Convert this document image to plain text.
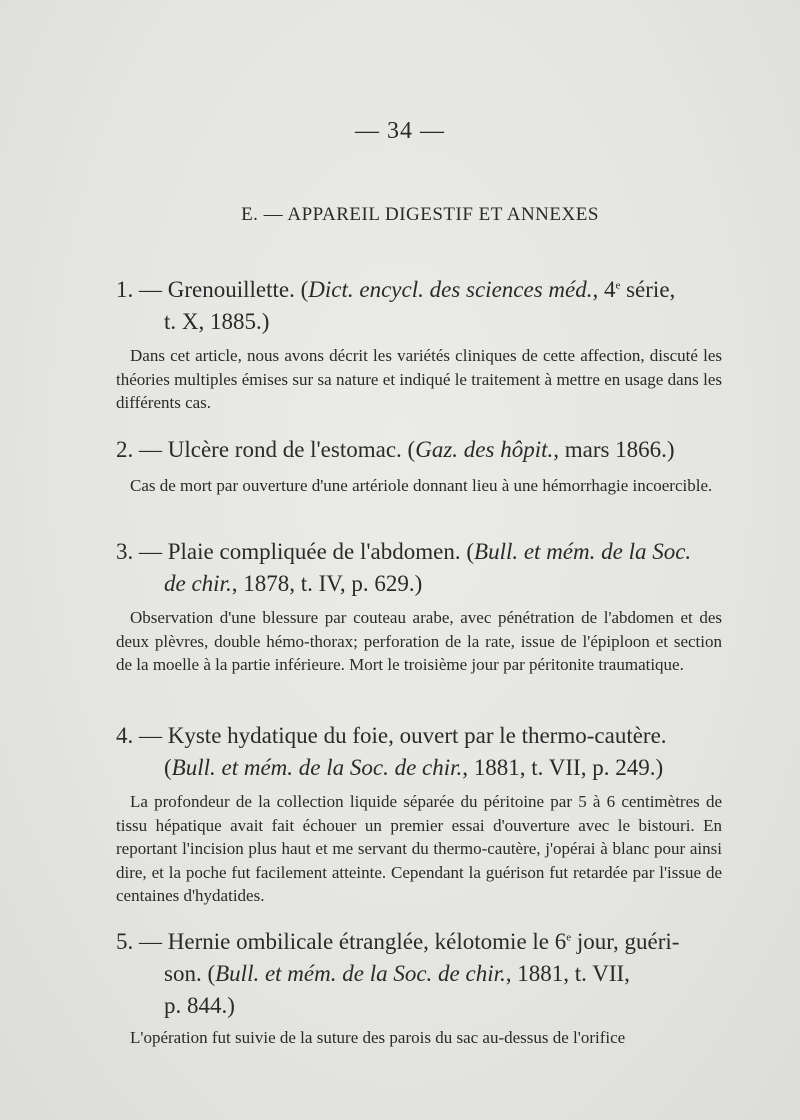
— 34 —
E. — APPAREIL DIGESTIF ET ANNEXES
1. — Grenouillette. (Dict. encycl. des sciences méd., 4e série,
t. X, 1885.)
Dans cet article, nous avons décrit les variétés cliniques de cette affection, discuté les théories multiples émises sur sa nature et indiqué le traitement à mettre en usage dans les différents cas.
2. — Ulcère rond de l'estomac. (Gaz. des hôpit., mars 1866.)
Cas de mort par ouverture d'une artériole donnant lieu à une hémorrhagie incoercible.
3. — Plaie compliquée de l'abdomen. (Bull. et mém. de la Soc.
de chir., 1878, t. IV, p. 629.)
Observation d'une blessure par couteau arabe, avec pénétration de l'abdomen et des deux plèvres, double hémo-thorax; perforation de la rate, issue de l'épiploon et section de la moelle à la partie inférieure. Mort le troisième jour par péritonite traumatique.
4. — Kyste hydatique du foie, ouvert par le thermo-cautère.
(Bull. et mém. de la Soc. de chir., 1881, t. VII, p. 249.)
La profondeur de la collection liquide séparée du péritoine par 5 à 6 centimètres de tissu hépatique avait fait échouer un premier essai d'ouverture avec le bistouri. En reportant l'incision plus haut et me servant du thermo-cautère, j'opérai à blanc pour ainsi dire, et la poche fut facilement atteinte. Cependant la guérison fut retardée par l'issue de centaines d'hydatides.
5. — Hernie ombilicale étranglée, kélotomie le 6e jour, guéri-
son. (Bull. et mém. de la Soc. de chir., 1881, t. VII,
p. 844.)
L'opération fut suivie de la suture des parois du sac au-dessus de l'orifice
